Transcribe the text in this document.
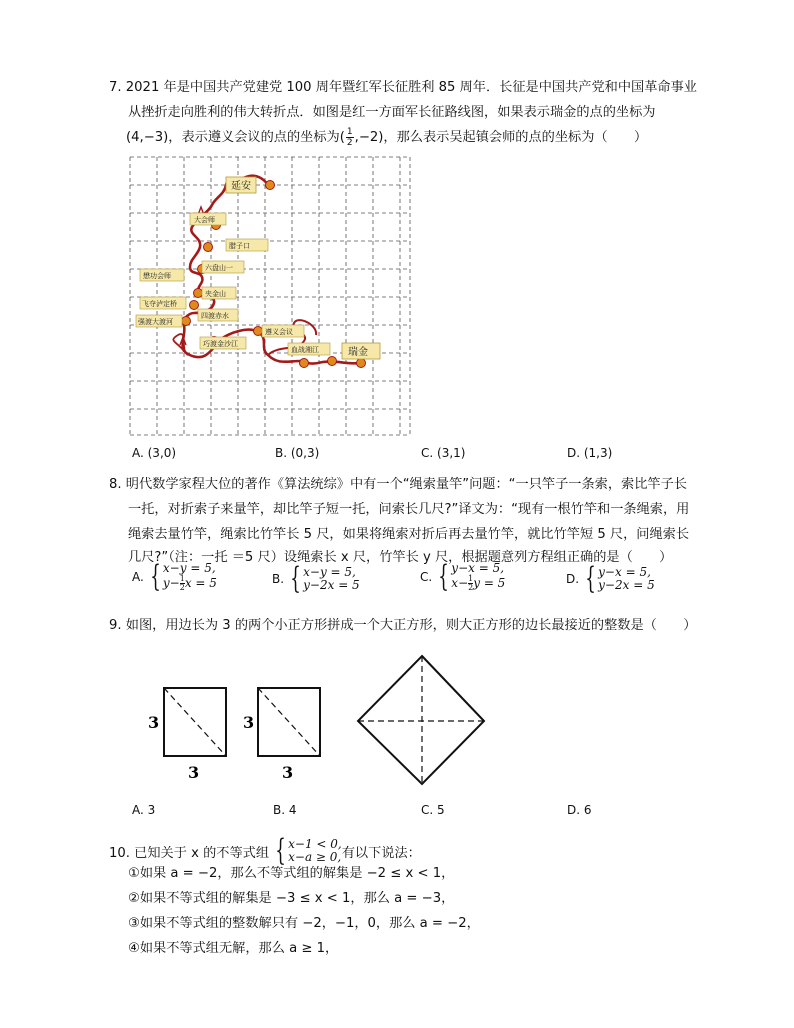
7. 2021 年是中国共产党建党 100 周年暨红军长征胜利 85 周年．长征是中国共产党和中国革命事业
从挫折走向胜利的伟大转折点．如图是红一方面军长征路线图，如果表示瑞金的点的坐标为
(4,−3)，表示遵义会议的点的坐标为( $\frac{1}{2} ,-2$)，那么表示吴起镇会师的点的坐标为（　　）
延安
大会师
腊子口
六盘山一
懋功会师
夹金山
飞夺泸定桥
四渡赤水
强渡大渡河
遵义会议
巧渡金沙江
血战湘江	瑞金
A. (3,0)	B. (0,3)	C. (3,1)	D. (1,3)
8. 明代数学家程大位的著作《算法统综》中有一个“绳索量竿”问题：“一只竿子一条索，索比竿子长
一托，对折索子来量竿，却比竿子短一托，问索长几尺?”译文为：“现有一根竹竿和一条绳索，用
绳索去量竹竿，绳索比竹竿长 5 尺，如果将绳索对折后再去量竹竿，就比竹竿短 5 尺，问绳索长
几尺?”（注：一托 ＝5 尺）设绳索长 x 尺，竹竿长 y 尺，根据题意列方程组正确的是（　　）
A. { x−y = 5,
$y- \frac{1}{2}$ x = 5	B. { x−y = 5,
y−2x = 5
C. { y−x = 5,
$x- \frac{1}{2}$ y = 5	D. { y−x = 5,
y−2x = 5
9. 如图，用边长为 3 的两个小正方形拼成一个大正方形，则大正方形的边长最接近的整数是（　　）
3
3
3
3
A. 3	B. 4	C. 5	D. 6
10. 已知关于 x 的不等式组 { x−1 < 0,
x−a ≥ 0, 有以下说法：
①如果 a = −2，那么不等式组的解集是 −2 ≤ x < 1，
②如果不等式组的解集是 −3 ≤ x < 1，那么 a = −3，
③如果不等式组的整数解只有 −2，−1，0，那么 a = −2，
④如果不等式组无解，那么 a ≥ 1，
